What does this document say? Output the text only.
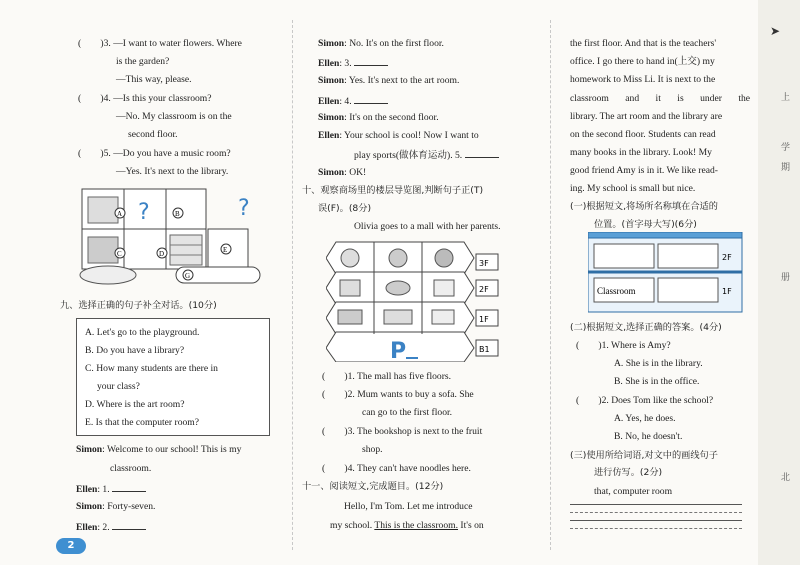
(　　)3. —I want to water flowers. Where
is the garden?
—This way, please.
(　　)4. —Is this your classroom?
—No. My classroom is on the
second floor.
(　　)5. —Do you have a music room?
—Yes. It's next to the library.
?
?
A	B
C	D	E
G
九、选择正确的句子补全对话。(10分)
A. Let's go to the playground.
B. Do you have a library?
C. How many students are there in
your class?
D. Where is the art room?
E. Is that the computer room?
Simon: Welcome to our school! This is my
classroom.
Ellen: 1.
Simon: Forty-seven.
Ellen: 2.
2
Simon: No. It's on the first floor.
Ellen: 3.
Simon: Yes. It's next to the art room.
Ellen: 4.
Simon: It's on the second floor.
Ellen: Your school is cool! Now I want to
play sports(做体育运动). 5.
Simon: OK!
十、观察商场里的楼层导览图,判断句子正(T)
误(F)。(8分)
Olivia goes to a mall with her parents.
3F
2F
1F
B1
P
(　　)1. The mall has five floors.
(　　)2. Mum wants to buy a sofa. She
can go to the first floor.
(　　)3. The bookshop is next to the fruit
shop.
(　　)4. They can't have noodles here.
十一、阅读短文,完成题目。(12分)
Hello, I'm Tom. Let me introduce
my school. This is the classroom. It's on
the first floor. And that is the teachers'
office. I go there to hand in(上交) my
homework to Miss Li. It is next to the
classroom and it is under the
library. The art room and the library are
on the second floor. Students can read
many books in the library. Look! My
good friend Amy is in it. We like read-
ing. My school is small but nice.
(一)根据短文,将场所名称填在合适的
位置。(首字母大写)(6分)
2F
1F
Classroom
(二)根据短文,选择正确的答案。(4分)
(　　)1. Where is Amy?
A. She is in the library.
B. She is in the office.
(　　)2. Does Tom like the school?
A. Yes, he does.
B. No, he doesn't.
(三)使用所给词语,对文中的画线句子
进行仿写。(2分)
that, computer room
➤
上
学
期
册
北
